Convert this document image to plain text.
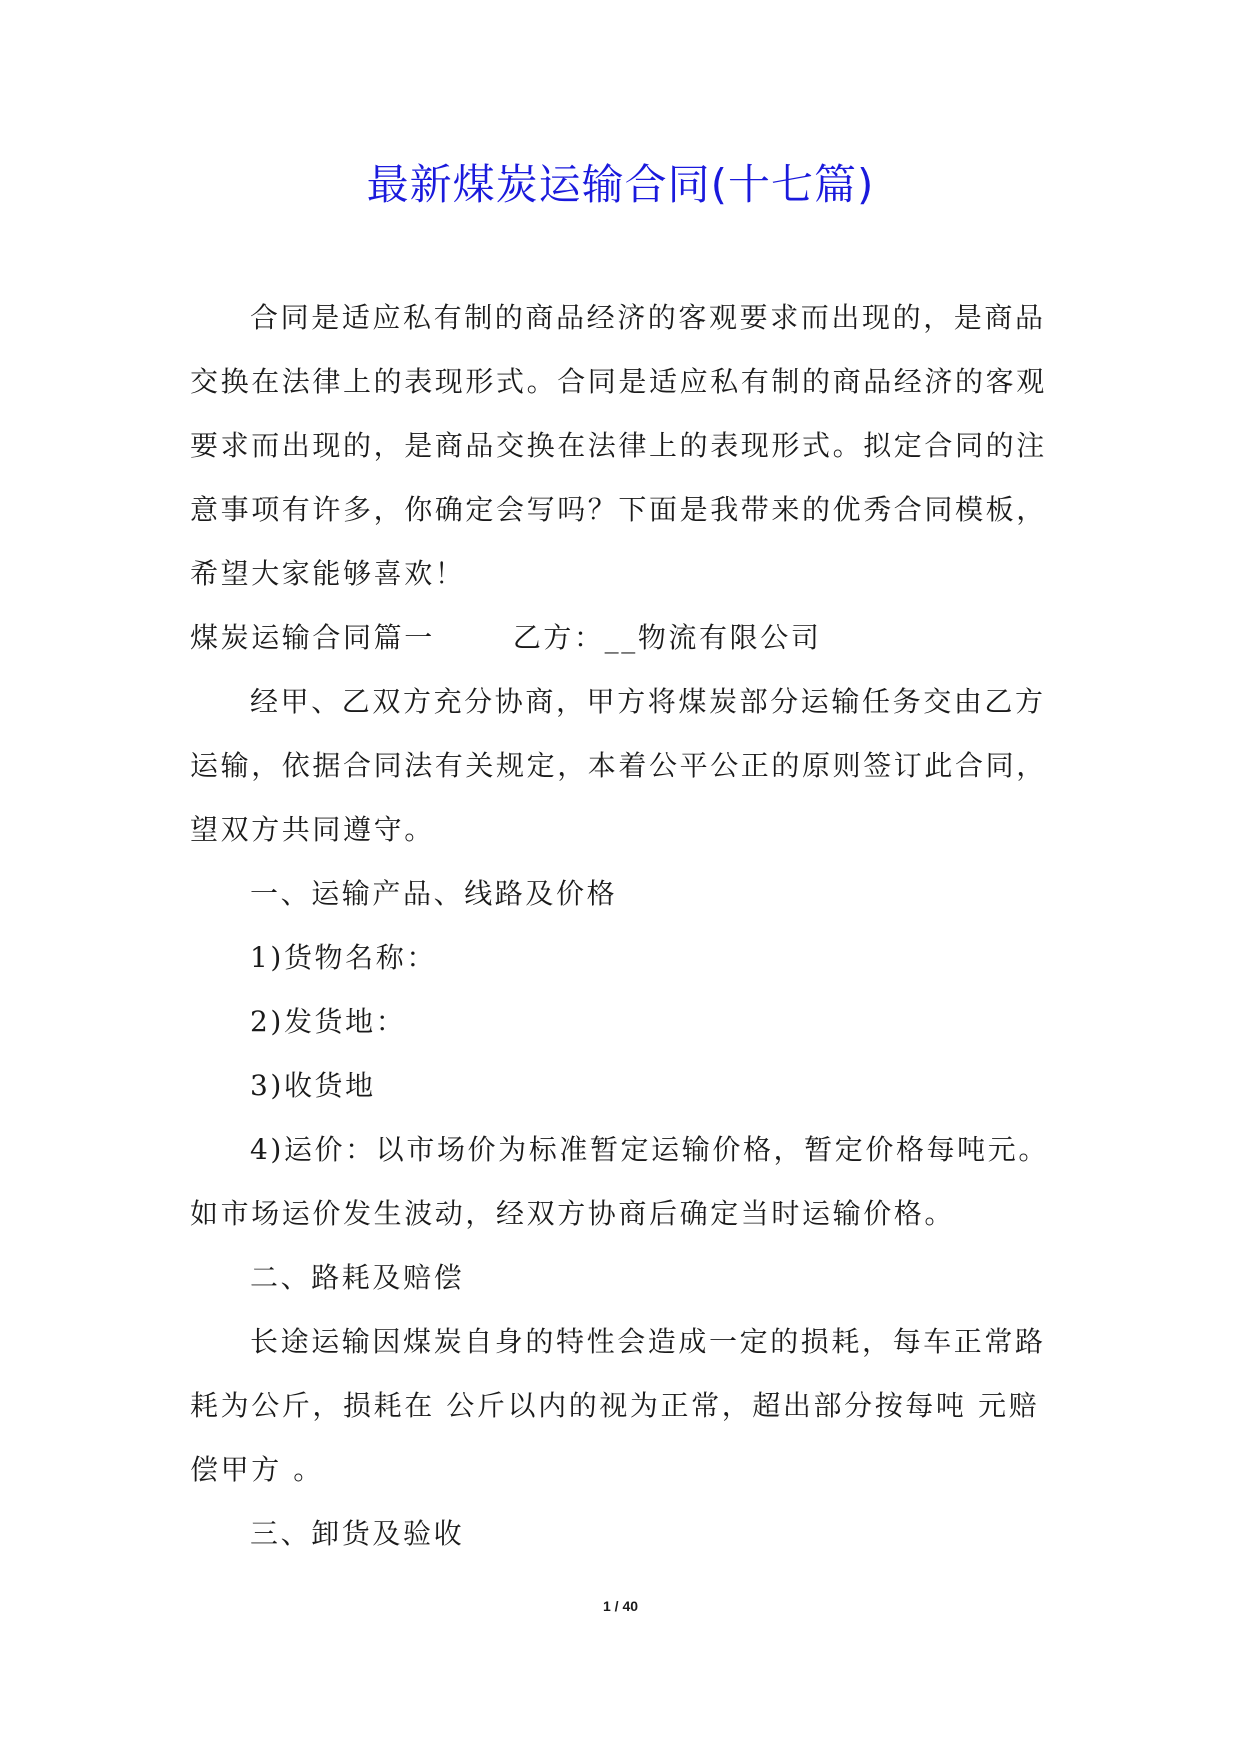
最新煤炭运输合同(十七篇)

合同是适应私有制的商品经济的客观要求而出现的，是商品交换在法律上的表现形式。合同是适应私有制的商品经济的客观要求而出现的，是商品交换在法律上的表现形式。拟定合同的注意事项有许多，你确定会写吗？下面是我带来的优秀合同模板，希望大家能够喜欢！

煤炭运输合同篇一	乙方：__物流有限公司

经甲、乙双方充分协商，甲方将煤炭部分运输任务交由乙方运输，依据合同法有关规定，本着公平公正的原则签订此合同，望双方共同遵守。

一、运输产品、线路及价格

1)货物名称：

2)发货地：

3)收货地

4)运价：以市场价为标准暂定运输价格，暂定价格每吨元。如市场运价发生波动，经双方协商后确定当时运输价格。

二、路耗及赔偿

长途运输因煤炭自身的特性会造成一定的损耗，每车正常路耗为公斤，损耗在 公斤以内的视为正常，超出部分按每吨 元赔偿甲方 。

三、卸货及验收

1 / 40
